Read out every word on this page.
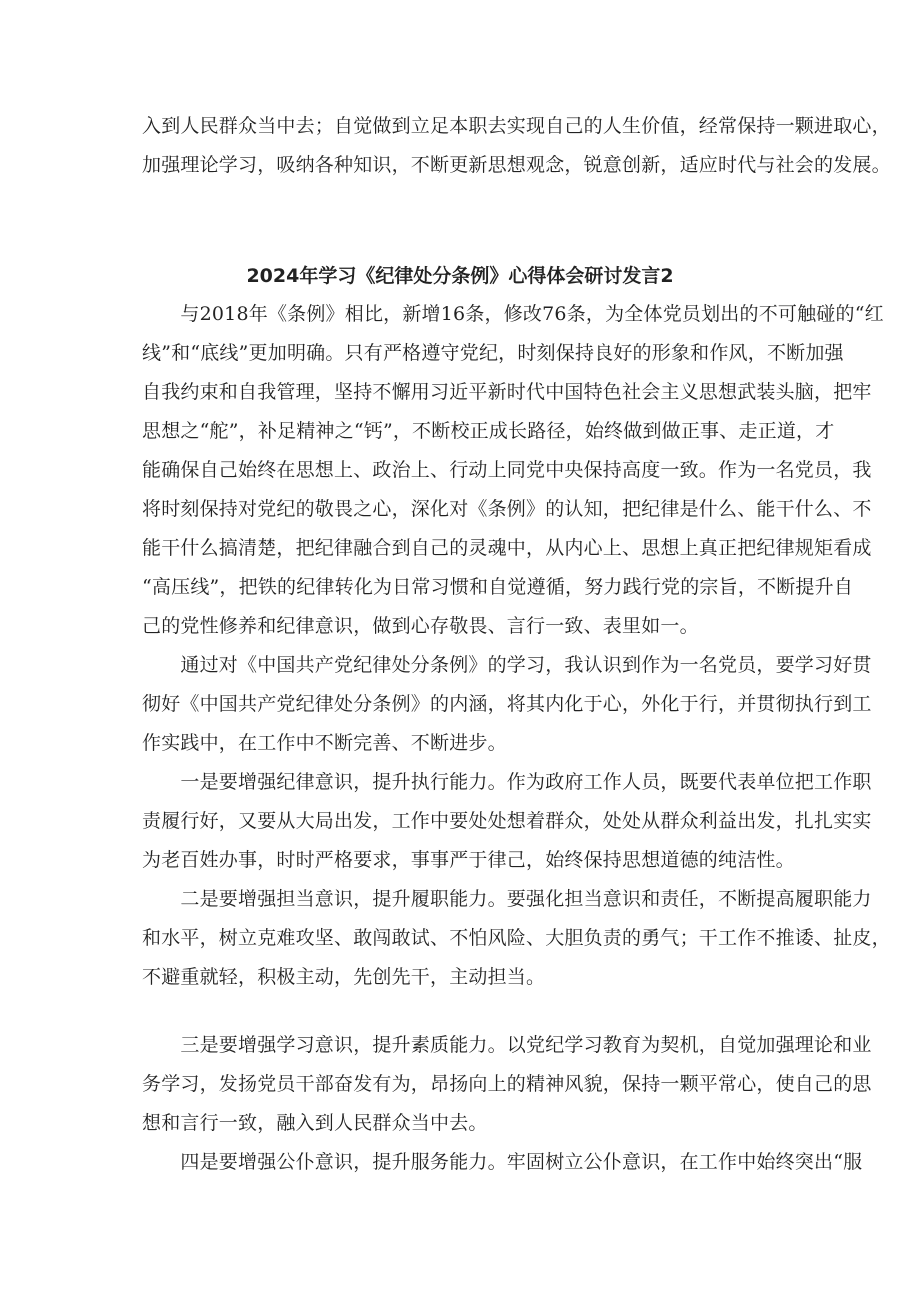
入到人民群众当中去；自觉做到立足本职去实现自己的人生价值，经常保持一颗进取心，
加强理论学习，吸纳各种知识，不断更新思想观念，锐意创新，适应时代与社会的发展。
2024年学习《纪律处分条例》心得体会研讨发言2
　　与2018年《条例》相比，新增16条，修改76条，为全体党员划出的不可触碰的“红
线”和“底线”更加明确。只有严格遵守党纪，时刻保持良好的形象和作风，不断加强
自我约束和自我管理，坚持不懈用习近平新时代中国特色社会主义思想武装头脑，把牢
思想之“舵”，补足精神之“钙”，不断校正成长路径，始终做到做正事、走正道，才
能确保自己始终在思想上、政治上、行动上同党中央保持高度一致。作为一名党员，我
将时刻保持对党纪的敬畏之心，深化对《条例》的认知，把纪律是什么、能干什么、不
能干什么搞清楚，把纪律融合到自己的灵魂中，从内心上、思想上真正把纪律规矩看成
“高压线”，把铁的纪律转化为日常习惯和自觉遵循，努力践行党的宗旨，不断提升自
己的党性修养和纪律意识，做到心存敬畏、言行一致、表里如一。
　　通过对《中国共产党纪律处分条例》的学习，我认识到作为一名党员，要学习好贯
彻好《中国共产党纪律处分条例》的内涵，将其内化于心，外化于行，并贯彻执行到工
作实践中，在工作中不断完善、不断进步。
　　一是要增强纪律意识，提升执行能力。作为政府工作人员，既要代表单位把工作职
责履行好，又要从大局出发，工作中要处处想着群众，处处从群众利益出发，扎扎实实
为老百姓办事，时时严格要求，事事严于律己，始终保持思想道德的纯洁性。
　　二是要增强担当意识，提升履职能力。要强化担当意识和责任，不断提高履职能力
和水平，树立克难攻坚、敢闯敢试、不怕风险、大胆负责的勇气；干工作不推诿、扯皮，
不避重就轻，积极主动，先创先干，主动担当。
　　三是要增强学习意识，提升素质能力。以党纪学习教育为契机，自觉加强理论和业
务学习，发扬党员干部奋发有为，昂扬向上的精神风貌，保持一颗平常心，使自己的思
想和言行一致，融入到人民群众当中去。
　　四是要增强公仆意识，提升服务能力。牢固树立公仆意识，在工作中始终突出“服
